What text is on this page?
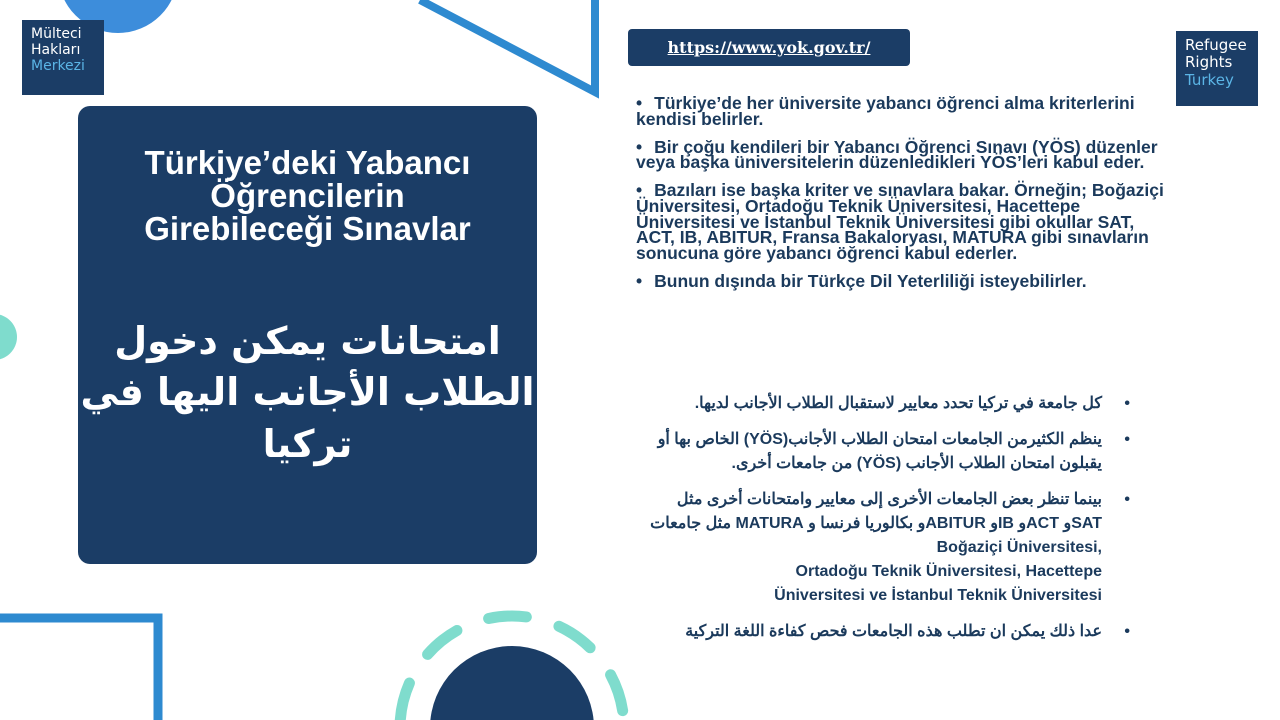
Mülteci
Hakları
Merkezi
Refugee
Rights
Turkey
Türkiye’deki Yabancı
Öğrencilerin
Girebileceği Sınavlar
امتحانات يمكن دخول
الطلاب الأجانب اليها في
تركيا
https://www.yok.gov.tr/
• Türkiye’de her üniversite yabancı öğrenci alma kriterlerini kendisi belirler.
• Bir çoğu kendileri bir Yabancı Öğrenci Sınavı (YÖS) düzenler veya başka üniversitelerin düzenledikleri YÖS’leri kabul eder.
• Bazıları ise başka kriter ve sınavlara bakar. Örneğin; Boğaziçi Üniversitesi, Ortadoğu Teknik Üniversitesi, Hacettepe Üniversitesi ve İstanbul Teknik Üniversitesi gibi okullar SAT, ACT, IB, ABITUR, Fransa Bakaloryası, MATURA gibi sınavların sonucuna göre yabancı öğrenci kabul ederler.
• Bunun dışında bir Türkçe Dil Yeterliliği isteyebilirler.
•
كل جامعة في تركيا تحدد معايير لاستقبال الطلاب الأجانب لديها.
•
ينظم الكثيرمن الجامعات امتحان الطلاب الأجانب(YÖS) الخاص بها أو يقبلون امتحان الطلاب الأجانب (YÖS) من جامعات أخرى.
•
بينما تنظر بعض الجامعات الأخرى إلى معايير وامتحانات أخرى مثل SATو ACTو IBو ABITURو بكالوريا فرنسا و MATURA مثل جامعات
Boğaziçi Üniversitesi,
Ortadoğu Teknik Üniversitesi, Hacettepe
Üniversitesi ve İstanbul Teknik Üniversitesi
•
عدا ذلك يمكن ان تطلب هذه الجامعات فحص كفاءة اللغة التركية
